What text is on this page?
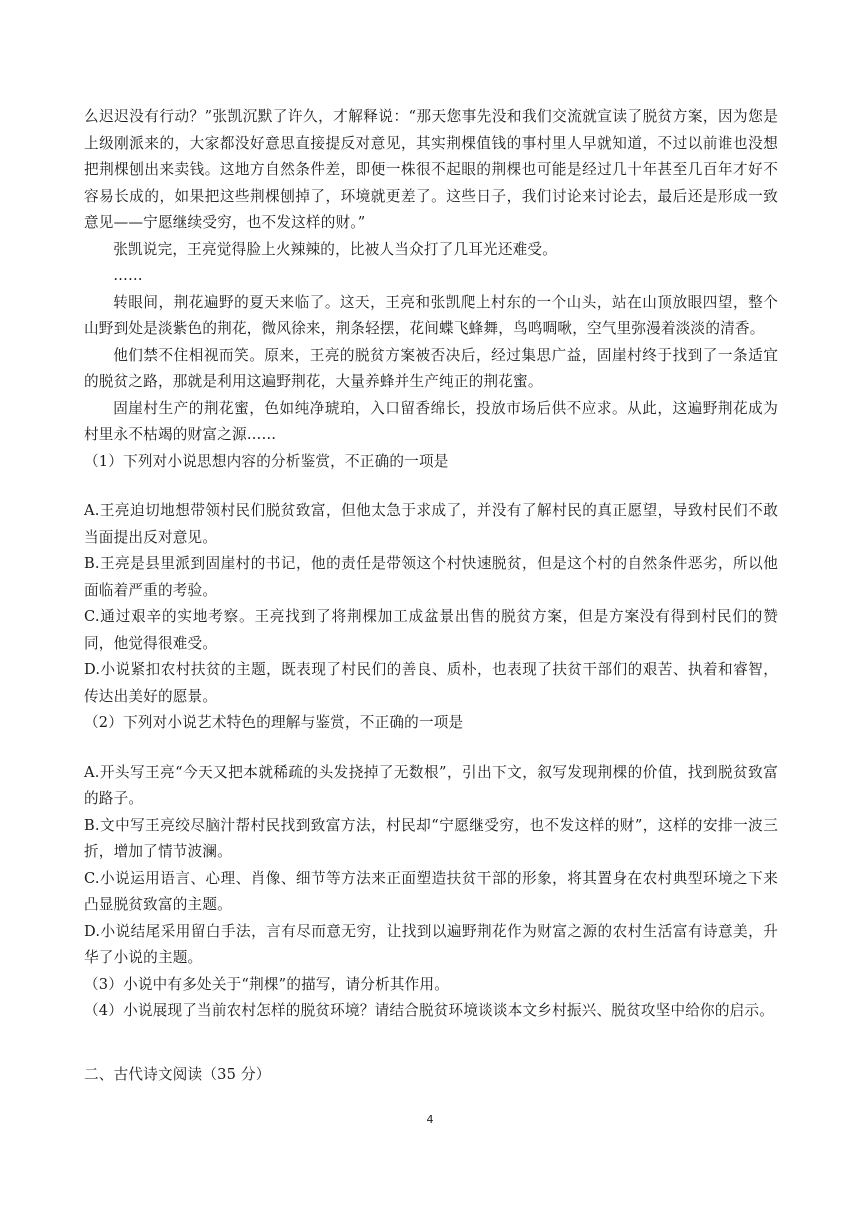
么迟迟没有行动？”张凯沉默了许久，才解释说：“那天您事先没和我们交流就宣读了脱贫方案，因为您是上级刚派来的，大家都没好意思直接提反对意见，其实荆棵值钱的事村里人早就知道，不过以前谁也没想把荆棵刨出来卖钱。这地方自然条件差，即便一株很不起眼的荆棵也可能是经过几十年甚至几百年才好不容易长成的，如果把这些荆棵刨掉了，环境就更差了。这些日子，我们讨论来讨论去，最后还是形成一致意见——宁愿继续受穷，也不发这样的财。”

张凯说完，王亮觉得脸上火辣辣的，比被人当众打了几耳光还难受。

……

转眼间，荆花遍野的夏天来临了。这天，王亮和张凯爬上村东的一个山头，站在山顶放眼四望，整个山野到处是淡紫色的荆花，微风徐来，荆条轻摆，花间蝶飞蜂舞，鸟鸣啁啾，空气里弥漫着淡淡的清香。

他们禁不住相视而笑。原来，王亮的脱贫方案被否决后，经过集思广益，固崖村终于找到了一条适宜的脱贫之路，那就是利用这遍野荆花，大量养蜂并生产纯正的荆花蜜。

固崖村生产的荆花蜜，色如纯净琥珀，入口留香绵长，投放市场后供不应求。从此，这遍野荆花成为村里永不枯竭的财富之源……

（1）下列对小说思想内容的分析鉴赏，不正确的一项是

A.王亮迫切地想带领村民们脱贫致富，但他太急于求成了，并没有了解村民的真正愿望，导致村民们不敢当面提出反对意见。

B.王亮是县里派到固崖村的书记，他的责任是带领这个村快速脱贫，但是这个村的自然条件恶劣，所以他面临着严重的考验。

C.通过艰辛的实地考察。王亮找到了将荆棵加工成盆景出售的脱贫方案，但是方案没有得到村民们的赞同，他觉得很难受。

D.小说紧扣农村扶贫的主题，既表现了村民们的善良、质朴，也表现了扶贫干部们的艰苦、执着和睿智，传达出美好的愿景。

（2）下列对小说艺术特色的理解与鉴赏，不正确的一项是

A.开头写王亮“今天又把本就稀疏的头发挠掉了无数根”，引出下文，叙写发现荆棵的价值，找到脱贫致富的路子。

B.文中写王亮绞尽脑汁帮村民找到致富方法，村民却“宁愿继受穷，也不发这样的财”，这样的安排一波三折，增加了情节波澜。

C.小说运用语言、心理、肖像、细节等方法来正面塑造扶贫干部的形象，将其置身在农村典型环境之下来凸显脱贫致富的主题。

D.小说结尾采用留白手法，言有尽而意无穷，让找到以遍野荆花作为财富之源的农村生活富有诗意美，升华了小说的主题。

（3）小说中有多处关于“荆棵”的描写，请分析其作用。

（4）小说展现了当前农村怎样的脱贫环境？请结合脱贫环境谈谈本文乡村振兴、脱贫攻坚中给你的启示。

二、古代诗文阅读（35 分）

4
